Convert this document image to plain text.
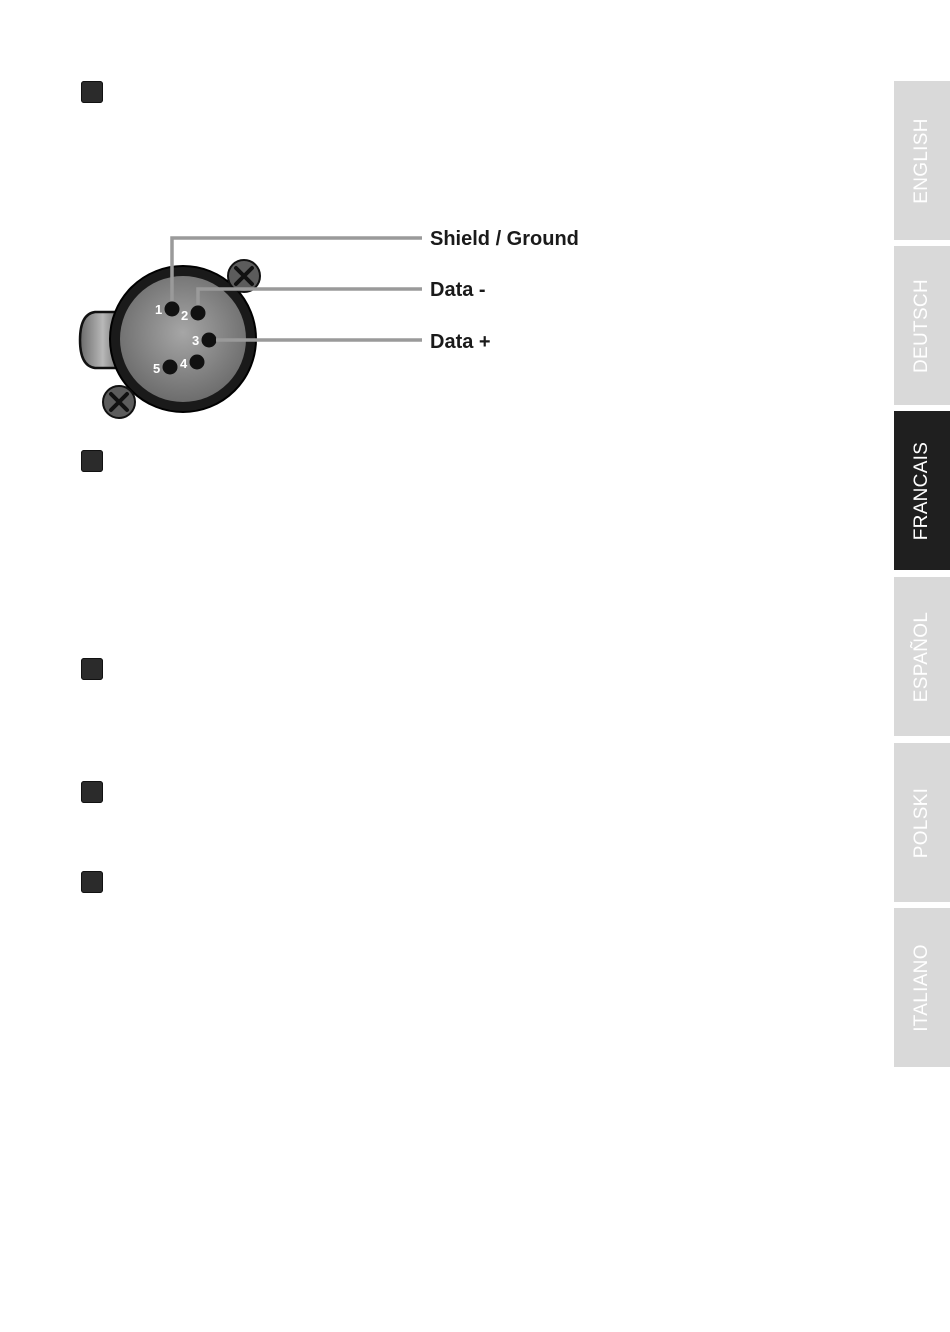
1 2
3
4
5
Shield / Ground
Data -
Data +
ENGLISH
DEUTSCH
FRANCAIS
ESPAÑOL
POLSKI
ITALIANO
